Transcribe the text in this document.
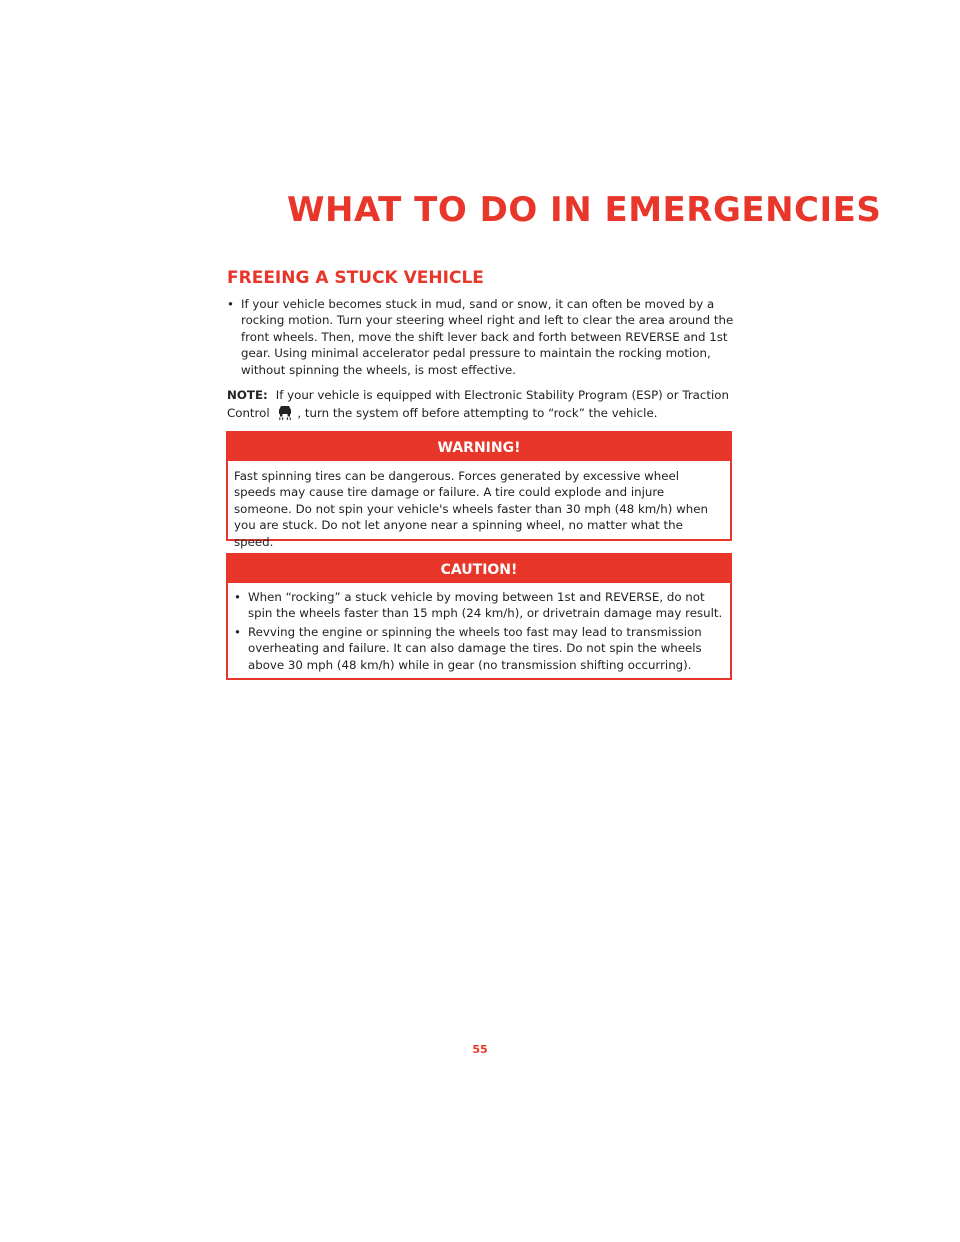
WHAT TO DO IN EMERGENCIES
FREEING A STUCK VEHICLE

• If your vehicle becomes stuck in mud, sand or snow, it can often be moved by a rocking motion. Turn your steering wheel right and left to clear the area around the front wheels. Then, move the shift lever back and forth between REVERSE and 1st gear. Using minimal accelerator pedal pressure to maintain the rocking motion, without spinning the wheels, is most effective.

NOTE: If your vehicle is equipped with Electronic Stability Program (ESP) or Traction Control , turn the system off before attempting to “rock” the vehicle.

WARNING!

Fast spinning tires can be dangerous. Forces generated by excessive wheel speeds may cause tire damage or failure. A tire could explode and injure someone. Do not spin your vehicle's wheels faster than 30 mph (48 km/h) when you are stuck. Do not let anyone near a spinning wheel, no matter what the speed.

CAUTION!

• When “rocking” a stuck vehicle by moving between 1st and REVERSE, do not spin the wheels faster than 15 mph (24 km/h), or drivetrain damage may result.

• Revving the engine or spinning the wheels too fast may lead to transmission overheating and failure. It can also damage the tires. Do not spin the wheels above 30 mph (48 km/h) while in gear (no transmission shifting occurring).

55
